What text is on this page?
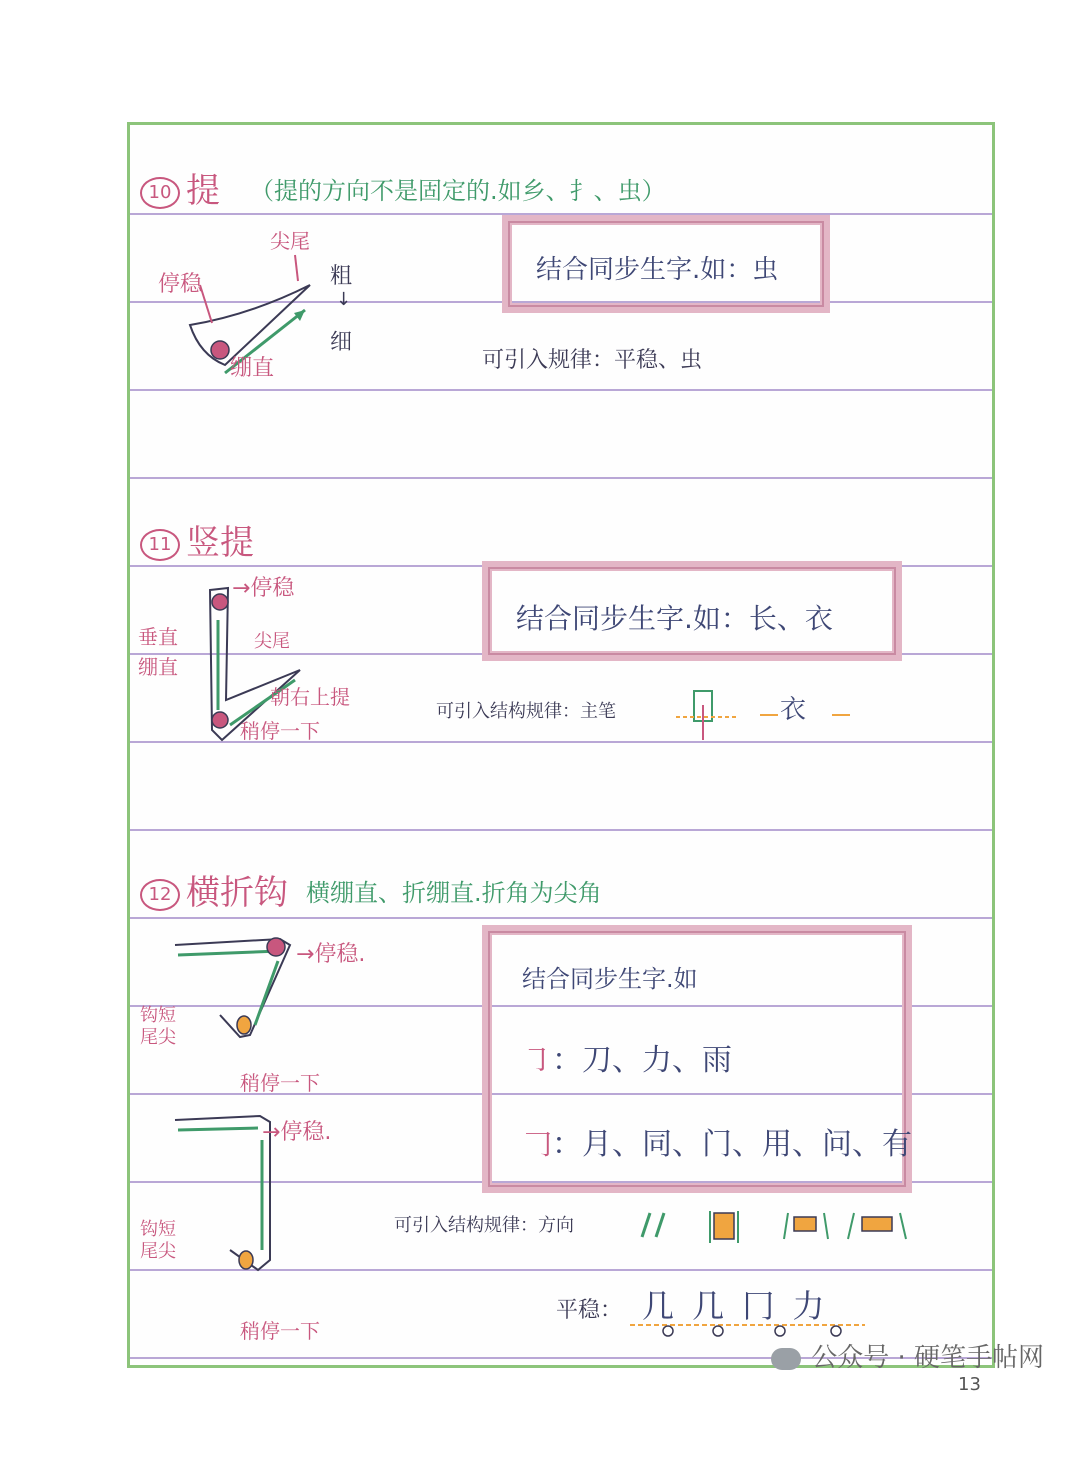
10 提 （提的方向不是固定的.如乡、扌、虫）
尖尾
停稳	粗
↓
细
绷直
结合同步生字.如：虫
可引入规律：平稳、虫
11 竖提
→停稳
垂直
绷直
尖尾
朝右上提
稍停一下
结合同步生字.如：长、衣
可引入结构规律：主笔	衣
12 横折钩 横绷直、折绷直.折角为尖角
→停稳.
钩短
尾尖
稍停一下
→停稳.
钩短
尾尖
稍停一下
结合同步生字.如
㇆：刀、力、雨
𠃌：月、同、门、用、问、有
可引入结构规律：方向
平稳： 几 几 冂 力
13
公众号 · 硬笔手帖网
